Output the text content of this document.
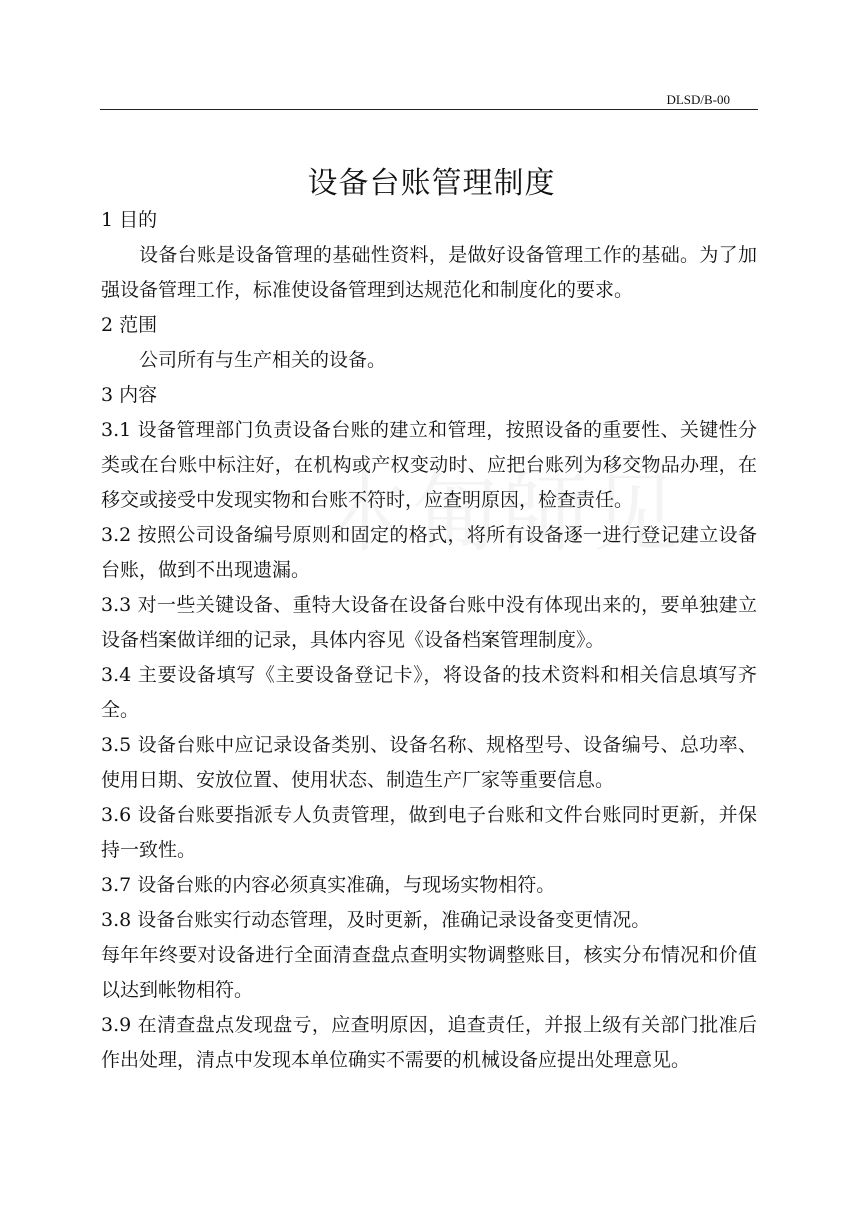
DLSD/B-00
设备台账管理制度

1 目的

设备台账是设备管理的基础性资料，是做好设备管理工作的基础。为了加强设备管理工作，标准使设备管理到达规范化和制度化的要求。

2 范围

公司所有与生产相关的设备。

3 内容

3.1 设备管理部门负责设备台账的建立和管理，按照设备的重要性、关键性分类或在台账中标注好，在机构或产权变动时、应把台账列为移交物品办理，在移交或接受中发现实物和台账不符时，应查明原因，检查责任。

3.2 按照公司设备编号原则和固定的格式，将所有设备逐一进行登记建立设备台账，做到不出现遗漏。

3.3 对一些关键设备、重特大设备在设备台账中没有体现出来的，要单独建立设备档案做详细的记录，具体内容见《设备档案管理制度》。

3.4 主要设备填写《主要设备登记卡》，将设备的技术资料和相关信息填写齐全。

3.5 设备台账中应记录设备类别、设备名称、规格型号、设备编号、总功率、使用日期、安放位置、使用状态、制造生产厂家等重要信息。

3.6 设备台账要指派专人负责管理，做到电子台账和文件台账同时更新，并保持一致性。

3.7 设备台账的内容必须真实准确，与现场实物相符。

3.8 设备台账实行动态管理，及时更新，准确记录设备变更情况。

每年年终要对设备进行全面清查盘点查明实物调整账目，核实分布情况和价值以达到帐物相符。

3.9 在清查盘点发现盘亏，应查明原因，追查责任，并报上级有关部门批准后作出处理，清点中发现本单位确实不需要的机械设备应提出处理意见。
